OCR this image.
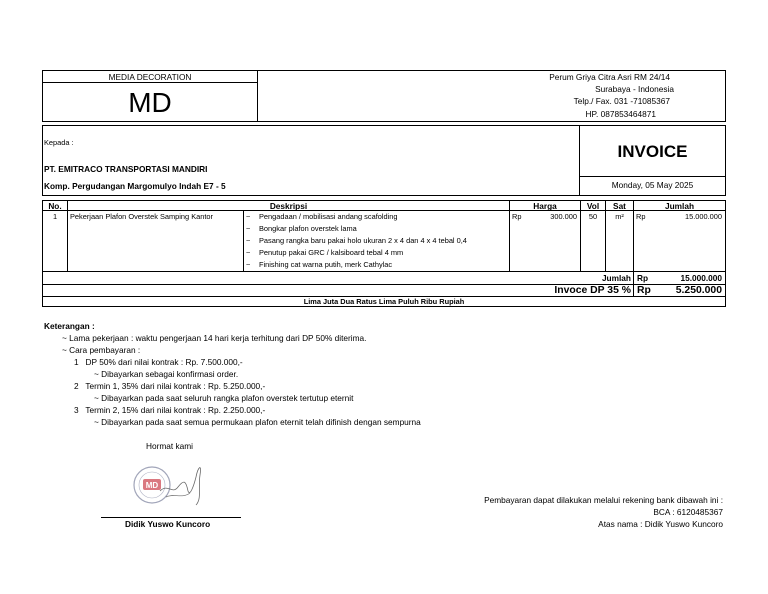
MEDIA DECORATION
MD
Perum Griya Citra Asri RM 24/14
Surabaya - Indonesia
Telp./ Fax. 031 -71085367
HP. 087853464871
Kepada :
PT. EMITRACO TRANSPORTASI MANDIRI
Komp. Pergudangan Margomulyo Indah E7 - 5
INVOICE
Monday, 05 May 2025
No.	Deskripsi	Harga	Vol	Sat	Jumlah
1	Pekerjaan Plafon Overstek Samping Kantor	~ Pengadaan / mobilisasi andang scafolding
~ Bongkar plafon overstek lama
~ Pasang rangka baru pakai holo ukuran 2 x 4 dan 4 x 4 tebal 0,4
~ Penutup pakai GRC / kalsiboard tebal 4 mm
~ Finishing cat warna putih, merk Cathylac
Rp	300.000	50	m²	Rp	15.000.000
Jumlah Rp	15.000.000
Invoce DP 35 % Rp	5.250.000
Lima Juta Dua Ratus Lima Puluh Ribu Rupiah
Keterangan :
~ Lama pekerjaan : waktu pengerjaan 14 hari kerja terhitung dari DP 50% diterima.
~ Cara pembayaran :
1   DP 50% dari nilai kontrak : Rp. 7.500.000,-
~ Dibayarkan sebagai konfirmasi order.
2   Termin 1, 35% dari nilai kontrak : Rp. 5.250.000,-
~ Dibayarkan pada saat seluruh rangka plafon overstek tertutup eternit
3   Termin 2, 15% dari nilai kontrak : Rp. 2.250.000,-
~ Dibayarkan pada saat semua permukaan plafon eternit telah difinish dengan sempurna
Hormat kami
MD
Didik Yuswo Kuncoro
Pembayaran dapat dilakukan melalui rekening bank dibawah ini :
BCA : 6120485367
Atas nama : Didik Yuswo Kuncoro
